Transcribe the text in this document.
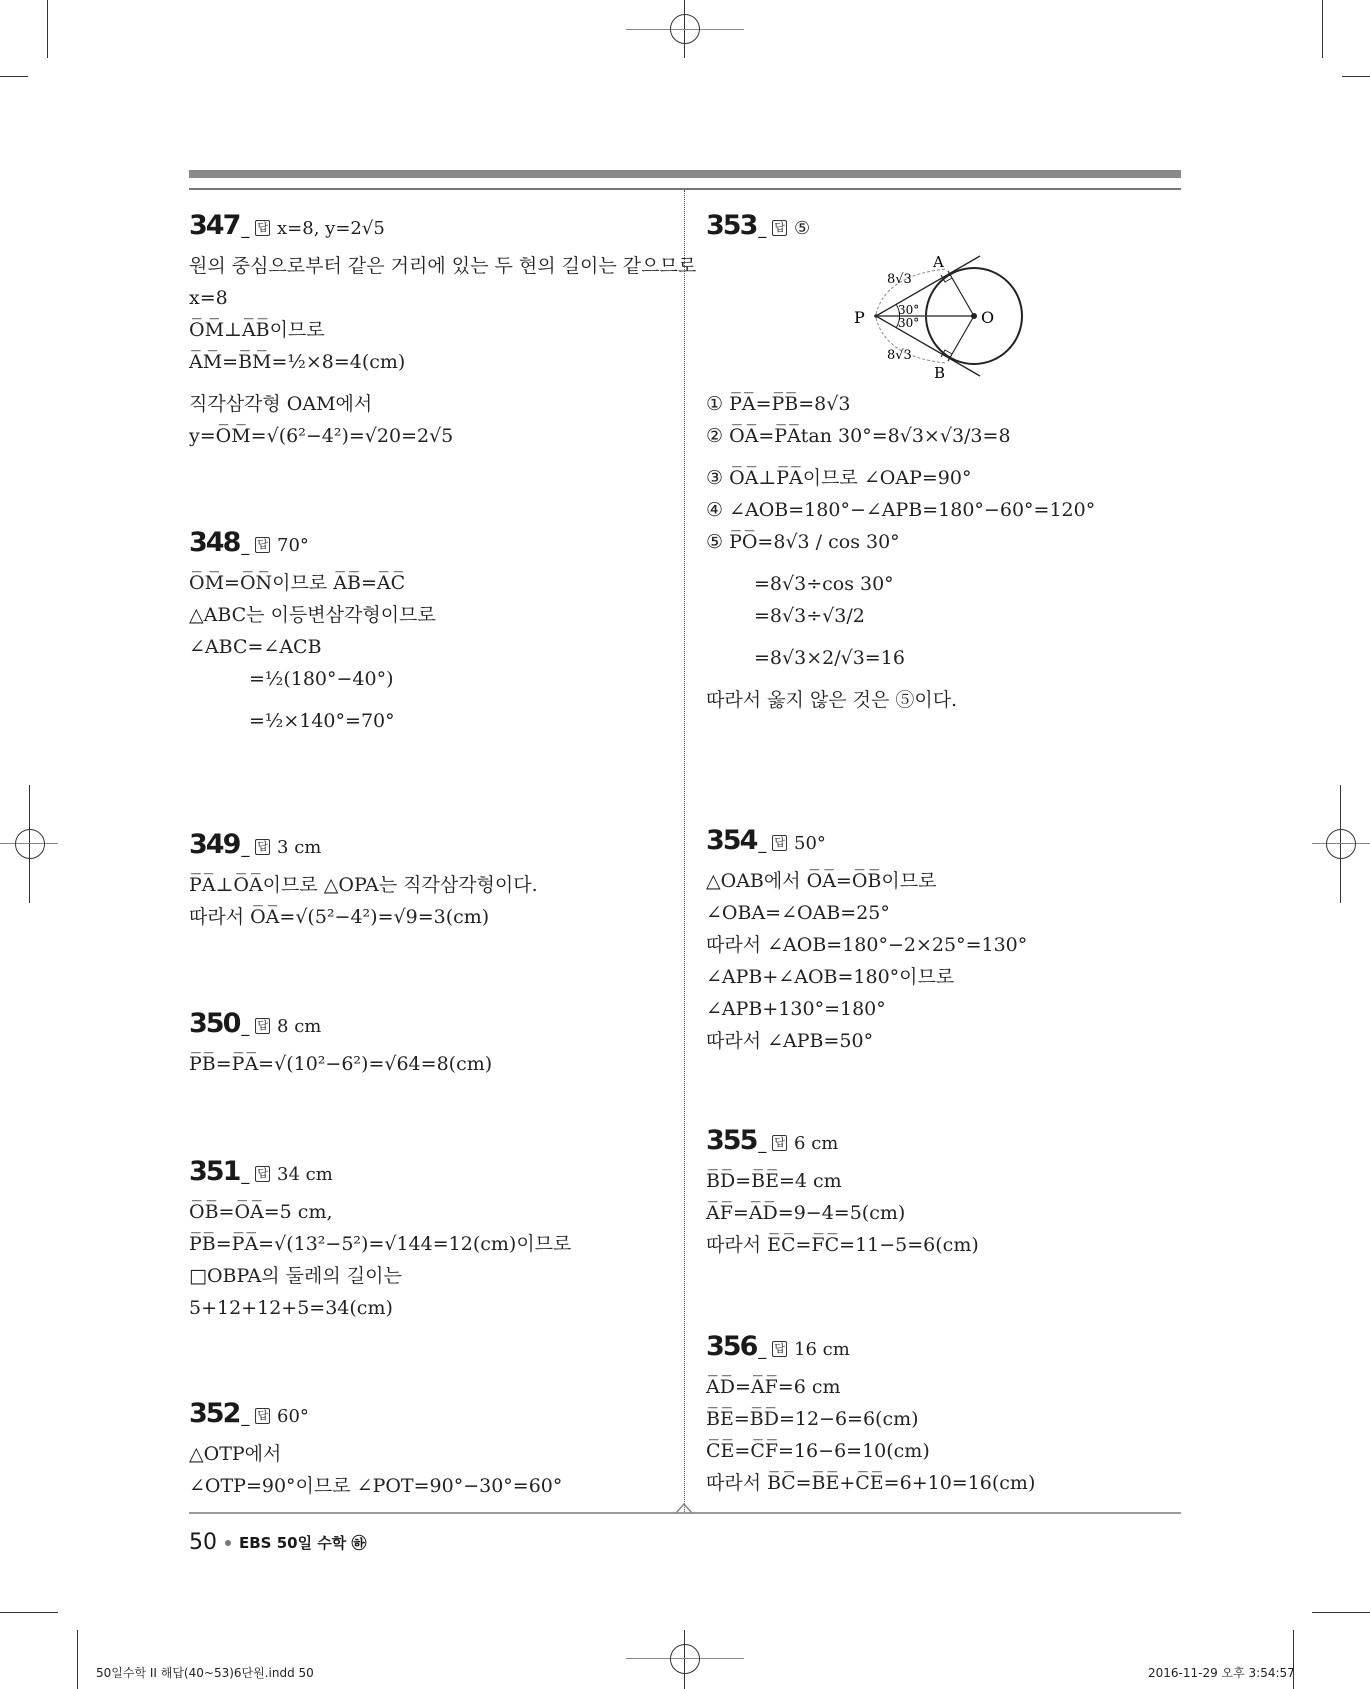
347 _	답 x=8, y=2√5
원의 중심으로부터 같은 거리에 있는 두 현의 길이는 같으므로
x=8
O̅M̅⊥A̅B̅이므로
A̅M̅=B̅M̅=½×8=4(cm)
직각삼각형 OAM에서
y=O̅M̅=√(6²−4²)=√20=2√5
348 _	답 70°
O̅M̅=O̅N̅이므로 A̅B̅=A̅C̅
△ABC는 이등변삼각형이므로
∠ABC=∠ACB
=½(180°−40°)
=½×140°=70°
349 _	답 3 cm
P̅A̅⊥O̅A̅이므로 △OPA는 직각삼각형이다.
따라서 O̅A̅=√(5²−4²)=√9=3(cm)
350 _	답 8 cm
P̅B̅=P̅A̅=√(10²−6²)=√64=8(cm)
351 _	답 34 cm
O̅B̅=O̅A̅=5 cm,
P̅B̅=P̅A̅=√(13²−5²)=√144=12(cm)이므로
□OBPA의 둘레의 길이는
5+12+12+5=34(cm)
352 _	답 60°
△OTP에서
∠OTP=90°이므로 ∠POT=90°−30°=60°
353 _	답 ⑤
P	O
A
B
30°
30°
8√3
8√3
① P̅A̅=P̅B̅=8√3
② O̅A̅=P̅A̅tan 30°=8√3×√3/3=8
③ O̅A̅⊥P̅A̅이므로 ∠OAP=90°
④ ∠AOB=180°−∠APB=180°−60°=120°
⑤ P̅O̅=8√3 / cos 30°
=8√3÷cos 30°
=8√3÷√3/2
=8√3×2/√3=16
따라서 옳지 않은 것은 ⑤이다.
354 _	답 50°
△OAB에서 O̅A̅=O̅B̅이므로
∠OBA=∠OAB=25°
따라서 ∠AOB=180°−2×25°=130°
∠APB+∠AOB=180°이므로
∠APB+130°=180°
따라서 ∠APB=50°
355 _	답 6 cm
B̅D̅=B̅E̅=4 cm
A̅F̅=A̅D̅=9−4=5(cm)
따라서 E̅C̅=F̅C̅=11−5=6(cm)
356 _	답 16 cm
A̅D̅=A̅F̅=6 cm
B̅E̅=B̅D̅=12−6=6(cm)
C̅E̅=C̅F̅=16−6=10(cm)
따라서 B̅C̅=B̅E̅+C̅E̅=6+10=16(cm)
50 EBS 50일 수학 ㉻
50일수학 II 해답(40~53)6단원.indd 50	2016-11-29 오후 3:54:57
